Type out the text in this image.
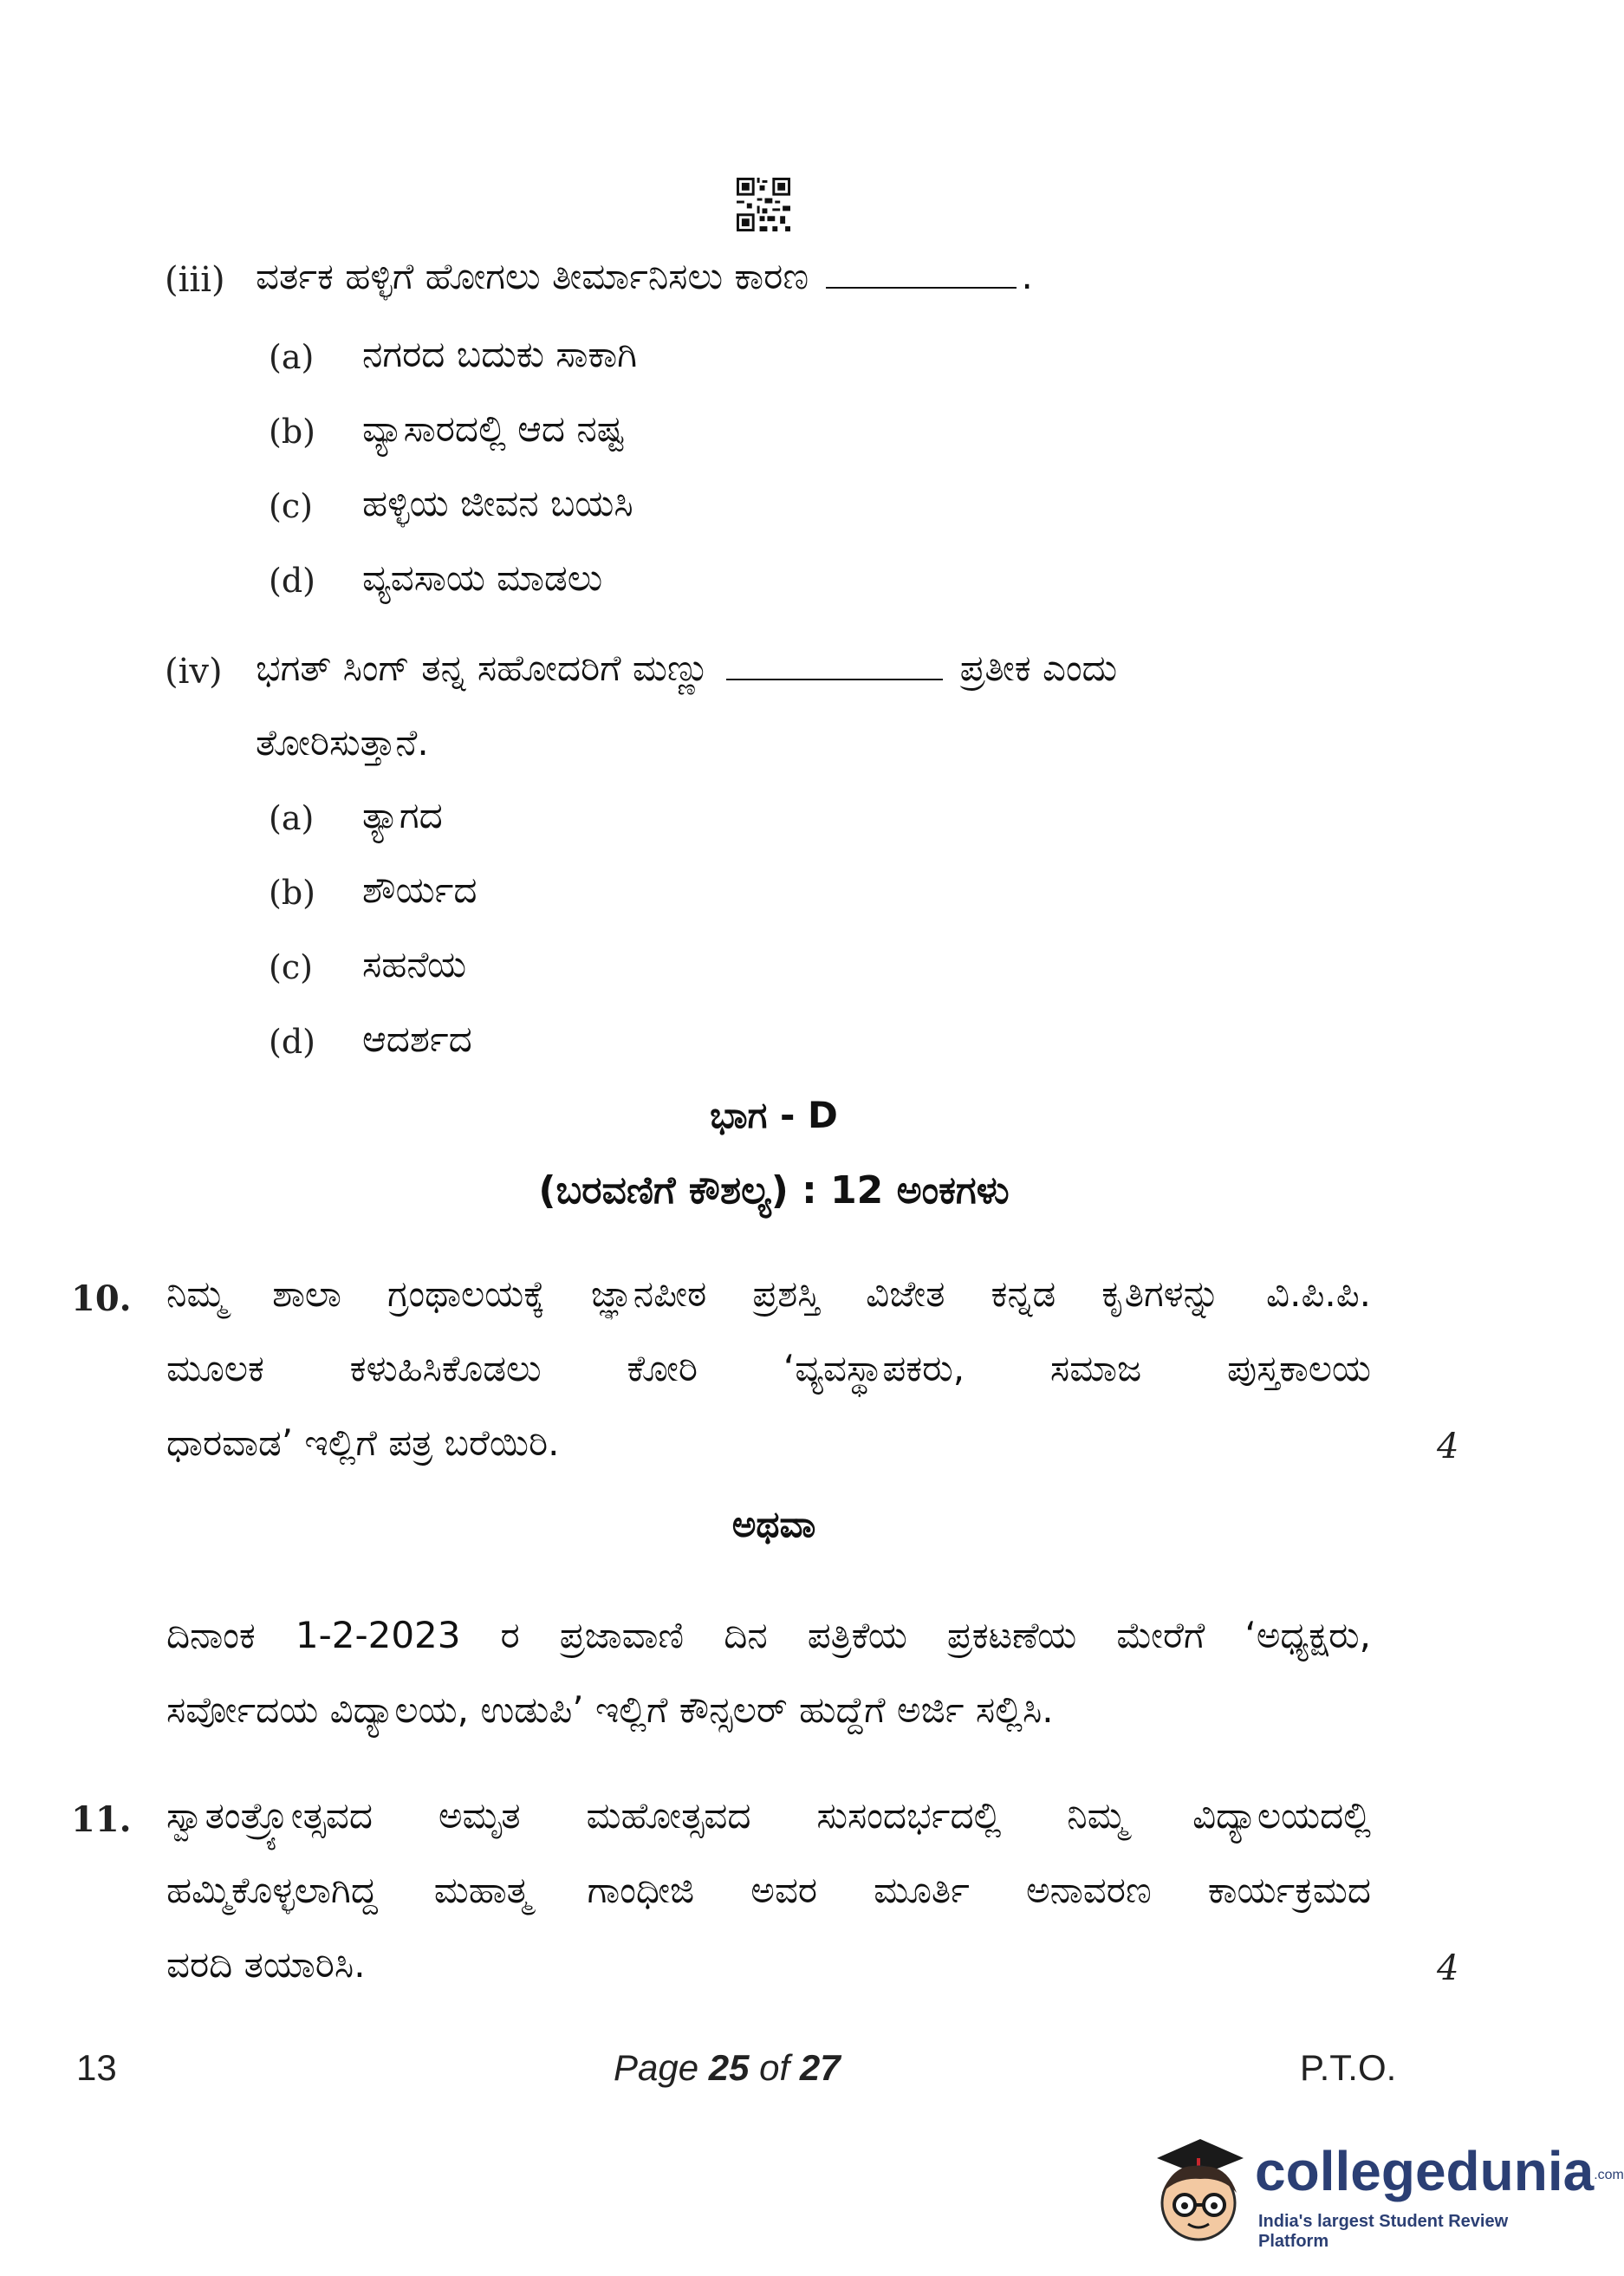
(iii) ವರ್ತಕ ಹಳ್ಳಿಗೆ ಹೋಗಲು ತೀರ್ಮಾನಿಸಲು ಕಾರಣ	.
(a) ನಗರದ ಬದುಕು ಸಾಕಾಗಿ
(b) ವ್ಯಾಸಾರದಲ್ಲಿ ಆದ ನಷ್ಟ
(c) ಹಳ್ಳಿಯ ಜೀವನ ಬಯಸಿ
(d) ವ್ಯವಸಾಯ ಮಾಡಲು
(iv) ಭಗತ್ ಸಿಂಗ್ ತನ್ನ ಸಹೋದರಿಗೆ ಮಣ್ಣು	ಪ್ರತೀಕ ಎಂದು
ತೋರಿಸುತ್ತಾನೆ.
(a) ತ್ಯಾಗದ
(b) ಶೌರ್ಯದ
(c) ಸಹನೆಯ
(d) ಆದರ್ಶದ
ಭಾಗ - D
(ಬರವಣಿಗೆ ಕೌಶಲ್ಯ) : 12 ಅಂಕಗಳು
10. ನಿಮ್ಮ ಶಾಲಾ ಗ್ರಂಥಾಲಯಕ್ಕೆ ಜ್ಞಾನಪೀಠ ಪ್ರಶಸ್ತಿ ವಿಜೇತ ಕನ್ನಡ ಕೃತಿಗಳನ್ನು ವಿ.ಪಿ.ಪಿ.
ಮೂಲಕ ಕಳುಹಿಸಿಕೊಡಲು ಕೋರಿ ‘ವ್ಯವಸ್ಥಾಪಕರು, ಸಮಾಜ ಪುಸ್ತಕಾಲಯ
ಧಾರವಾಡ’ ಇಲ್ಲಿಗೆ ಪತ್ರ ಬರೆಯಿರಿ.	4
ಅಥವಾ
ದಿನಾಂಕ 1-2-2023 ರ ಪ್ರಜಾವಾಣಿ ದಿನ ಪತ್ರಿಕೆಯ ಪ್ರಕಟಣೆಯ ಮೇರೆಗೆ ‘ಅಧ್ಯಕ್ಷರು,
ಸರ್ವೋದಯ ವಿದ್ಯಾಲಯ, ಉಡುಪಿ’ ಇಲ್ಲಿಗೆ ಕೌನ್ಸಲರ್ ಹುದ್ದೆಗೆ ಅರ್ಜಿ ಸಲ್ಲಿಸಿ.
11. ಸ್ವಾತಂತ್ರ್ಯೋತ್ಸವದ ಅಮೃತ ಮಹೋತ್ಸವದ ಸುಸಂದರ್ಭದಲ್ಲಿ ನಿಮ್ಮ ವಿದ್ಯಾಲಯದಲ್ಲಿ
ಹಮ್ಮಿಕೊಳ್ಳಲಾಗಿದ್ದ ಮಹಾತ್ಮ ಗಾಂಧೀಜಿ ಅವರ ಮೂರ್ತಿ ಅನಾವರಣ ಕಾರ್ಯಕ್ರಮದ
ವರದಿ ತಯಾರಿಸಿ.	4
13	Page 25 of 27	P.T.O.
collegedunia.com
India's largest Student Review Platform
